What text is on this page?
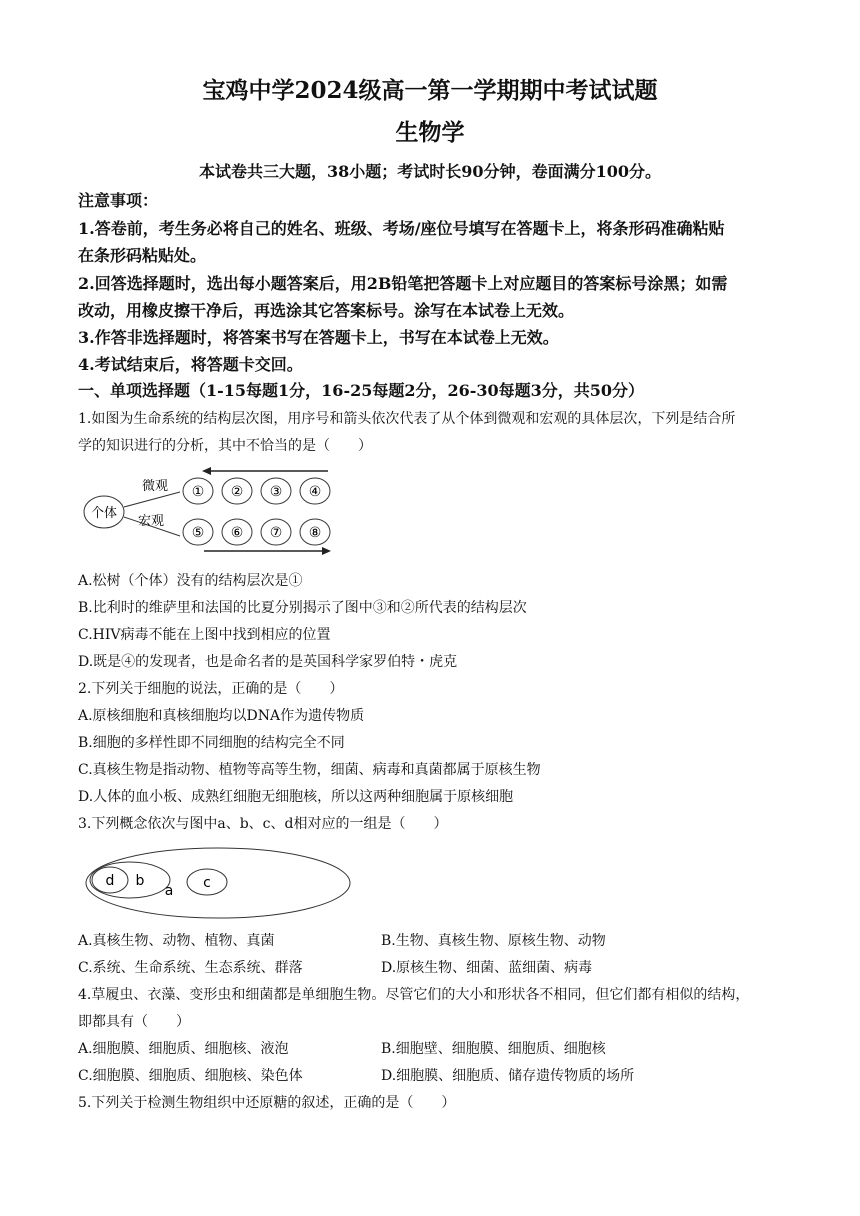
宝鸡中学2024级高一第一学期期中考试试题
生物学
本试卷共三大题，38小题；考试时长90分钟，卷面满分100分。
注意事项：
1.答卷前，考生务必将自己的姓名、班级、考场/座位号填写在答题卡上，将条形码准确粘贴
在条形码粘贴处。
2.回答选择题时，选出每小题答案后，用2B铅笔把答题卡上对应题目的答案标号涂黑；如需
改动，用橡皮擦干净后，再选涂其它答案标号。涂写在本试卷上无效。
3.作答非选择题时，将答案书写在答题卡上，书写在本试卷上无效。
4.考试结束后，将答题卡交回。
一、单项选择题（1-15每题1分，16-25每题2分，26-30每题3分，共50分）
1.如图为生命系统的结构层次图，用序号和箭头依次代表了从个体到微观和宏观的具体层次，下列是结合所
学的知识进行的分析，其中不恰当的是（　　）
个体
微观
宏观
① ② ③ ④
⑤ ⑥ ⑦ ⑧
A.松树（个体）没有的结构层次是①
B.比利时的维萨里和法国的比夏分别揭示了图中③和②所代表的结构层次
C.HIV病毒不能在上图中找到相应的位置
D.既是④的发现者，也是命名者的是英国科学家罗伯特・虎克
2.下列关于细胞的说法，正确的是（　　）
A.原核细胞和真核细胞均以DNA作为遗传物质
B.细胞的多样性即不同细胞的结构完全不同
C.真核生物是指动物、植物等高等生物，细菌、病毒和真菌都属于原核生物
D.人体的血小板、成熟红细胞无细胞核，所以这两种细胞属于原核细胞
3.下列概念依次与图中a、b、c、d相对应的一组是（　　）
d b
a c
A.真核生物、动物、植物、真菌	B.生物、真核生物、原核生物、动物
C.系统、生命系统、生态系统、群落	D.原核生物、细菌、蓝细菌、病毒
4.草履虫、衣藻、变形虫和细菌都是单细胞生物。尽管它们的大小和形状各不相同，但它们都有相似的结构，
即都具有（　　）
A.细胞膜、细胞质、细胞核、液泡	B.细胞壁、细胞膜、细胞质、细胞核
C.细胞膜、细胞质、细胞核、染色体	D.细胞膜、细胞质、储存遗传物质的场所
5.下列关于检测生物组织中还原糖的叙述，正确的是（　　）
